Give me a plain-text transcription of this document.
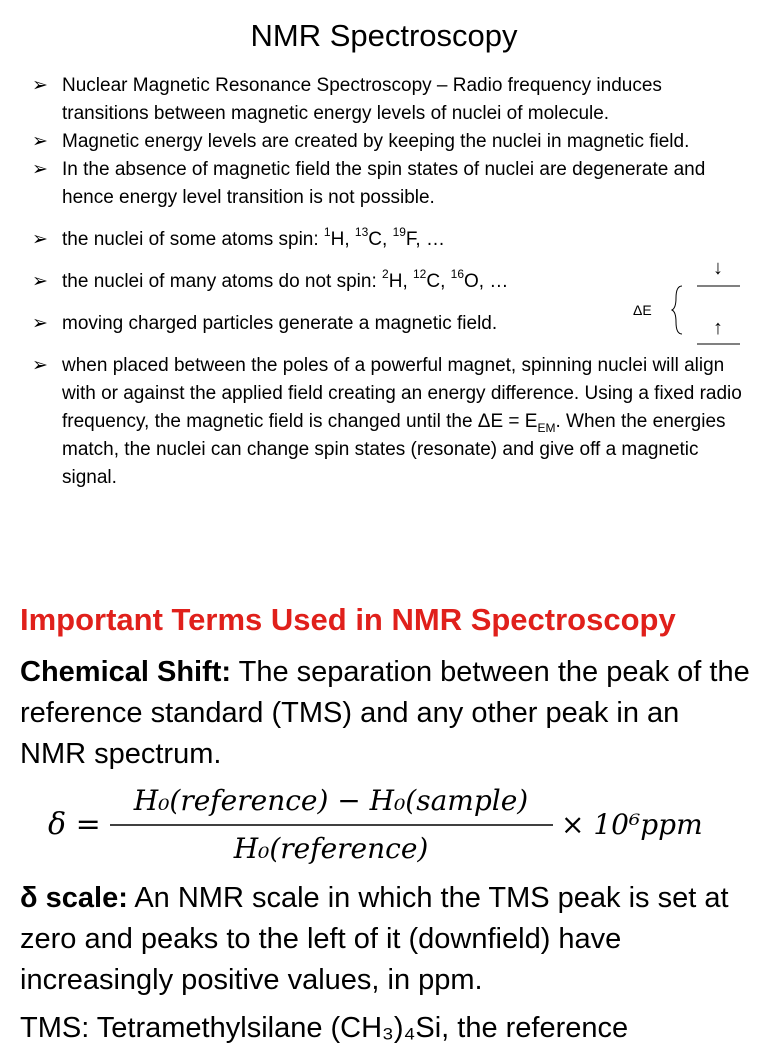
NMR Spectroscopy

➢ Nuclear Magnetic Resonance Spectroscopy – Radio frequency induces transitions between magnetic energy levels of nuclei of molecule.

➢ Magnetic energy levels are created by keeping the nuclei in magnetic field.

➢ In the absence of magnetic field the spin states of nuclei are degenerate and hence energy level transition is not possible.

➢ the nuclei of some atoms spin: $^1$H, $^{13}$C, $^{19}$F, …

➢ the nuclei of many atoms do not spin: $^2$H, $^{12}$C, $^{16}$O, …

➢ moving charged particles generate a magnetic field.

➢ when placed between the poles of a powerful magnet, spinning nuclei will align with or against the applied field creating an energy difference. Using a fixed radio frequency, the magnetic field is changed until the $\Delta E = E_{EM}$. When the energies match, the nuclei can change spin states (resonate) and give off a magnetic signal.

ΔE
↓
↑
Important Terms Used in NMR Spectroscopy
Chemical Shift: The separation between the peak of the reference standard (TMS) and any other peak in an NMR spectrum.
δ =
H₀(reference) − H₀(sample)
H₀(reference)
× 10⁶ppm
δ scale: An NMR scale in which the TMS peak is set at zero and peaks to the left of it (downfield) have increasingly positive values, in ppm.
TMS: Tetramethylsilane (CH₃)₄Si, the reference
